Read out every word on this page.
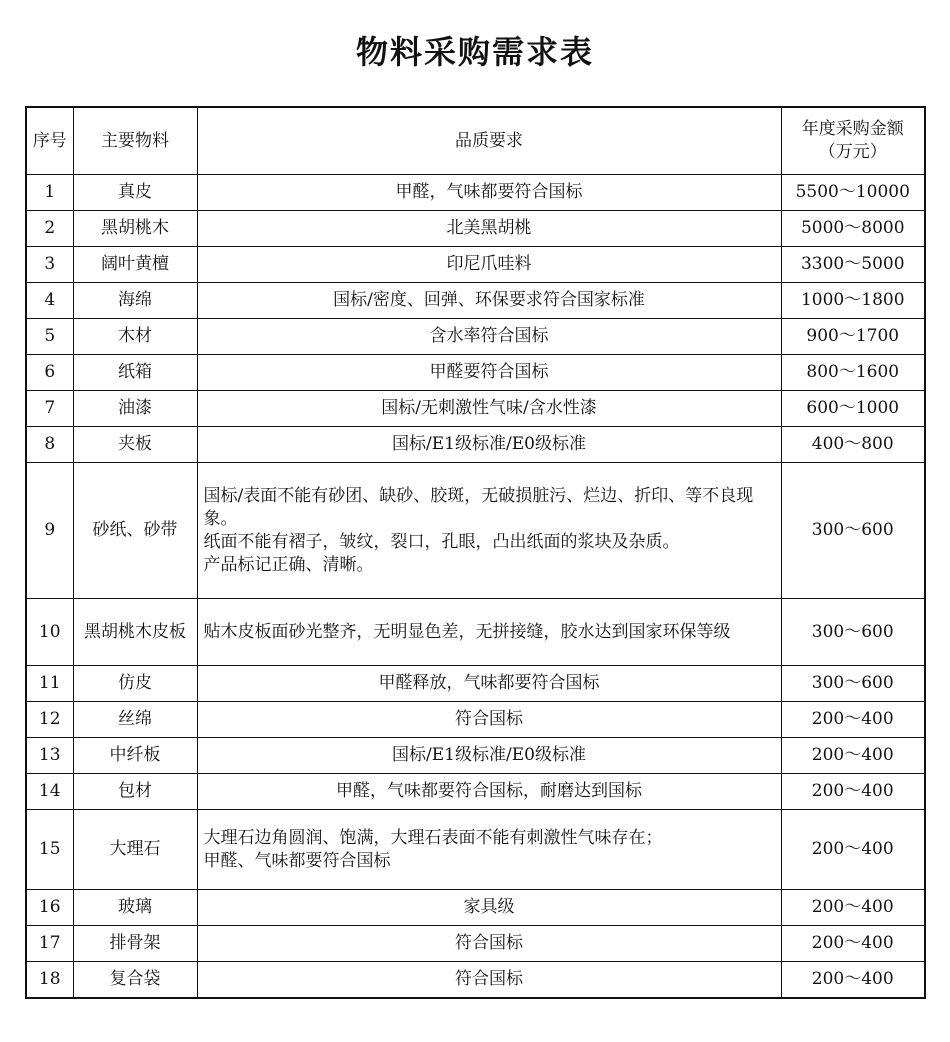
物料采购需求表
序号	主要物料	品质要求	年度采购金额
（万元）
1	真皮	甲醛，气味都要符合国标	5500～10000
2	黑胡桃木	北美黑胡桃	5000～8000
3	阔叶黄檀	印尼爪哇料	3300～5000
4	海绵	国标/密度、回弹、环保要求符合国家标准	1000～1800
5	木材	含水率符合国标	900～1700
6	纸箱	甲醛要符合国标	800～1600
7	油漆	国标/无刺激性气味/含水性漆	600～1000
8	夹板	国标/E1级标准/E0级标准	400～800
9	砂纸、砂带	国标/表面不能有砂团、缺砂、胶斑，无破损脏污、烂边、折印、等不良现象。
纸面不能有褶子，皱纹，裂口，孔眼，凸出纸面的浆块及杂质。
产品标记正确、清晰。	300～600
10	黑胡桃木皮板	贴木皮板面砂光整齐，无明显色差，无拼接缝，胶水达到国家环保等级	300～600
11	仿皮	甲醛释放，气味都要符合国标	300～600
12	丝绵	符合国标	200～400
13	中纤板	国标/E1级标准/E0级标准	200～400
14	包材	甲醛，气味都要符合国标，耐磨达到国标	200～400
15	大理石	大理石边角圆润、饱满，大理石表面不能有刺激性气味存在；
甲醛、气味都要符合国标	200～400
16	玻璃	家具级	200～400
17	排骨架	符合国标	200～400
18	复合袋	符合国标	200～400
